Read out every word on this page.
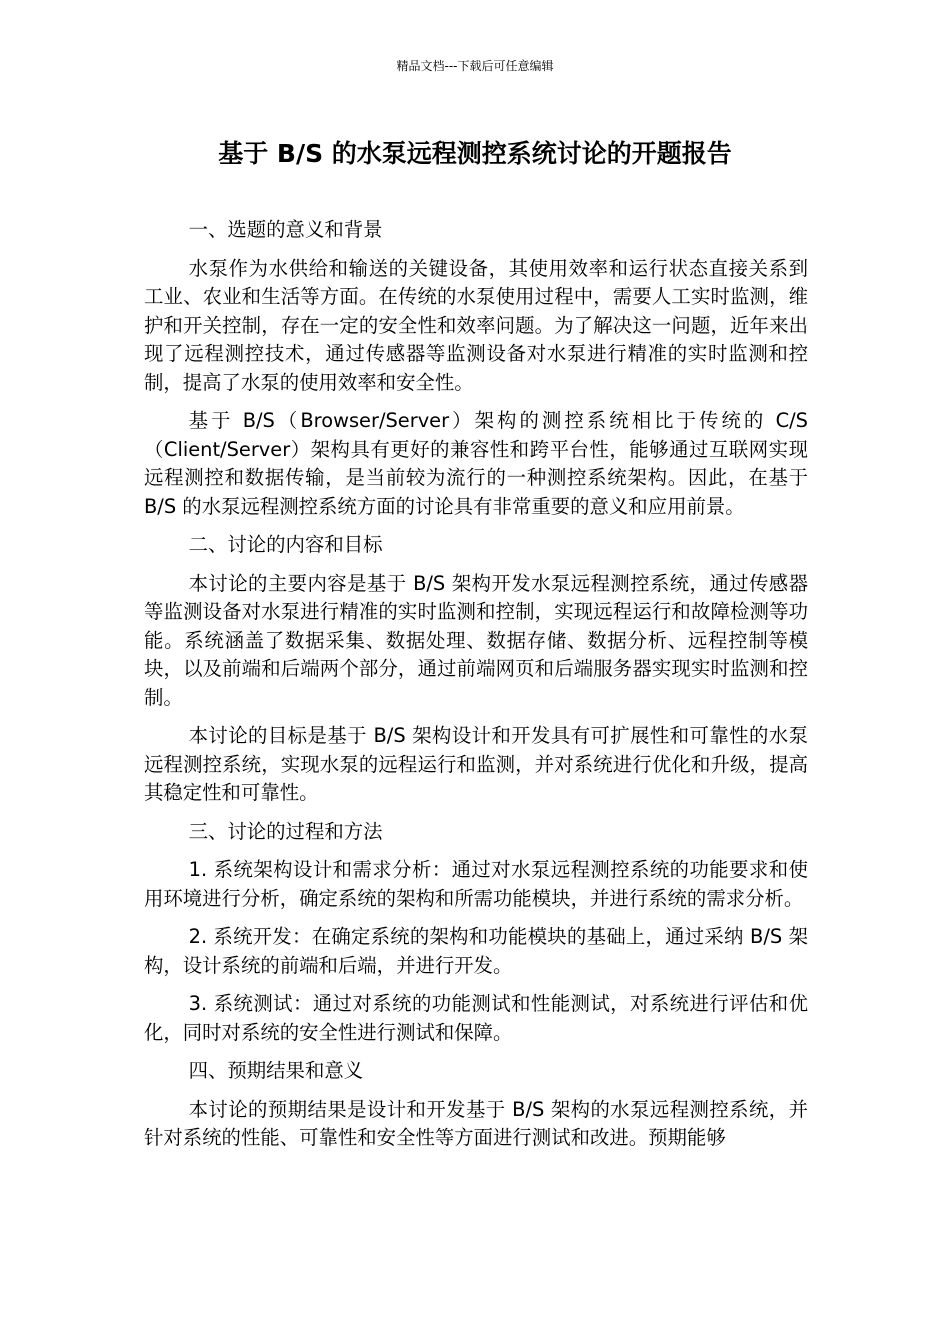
精品文档---下载后可任意编辑
基于 B/S 的水泵远程测控系统讨论的开题报告

一、选题的意义和背景

水泵作为水供给和输送的关键设备，其使用效率和运行状态直接关系到工业、农业和生活等方面。在传统的水泵使用过程中，需要人工实时监测，维护和开关控制，存在一定的安全性和效率问题。为了解决这一问题，近年来出现了远程测控技术，通过传感器等监测设备对水泵进行精准的实时监测和控制，提高了水泵的使用效率和安全性。

基于 B/S（Browser/Server）架构的测控系统相比于传统的 C/S（Client/Server）架构具有更好的兼容性和跨平台性，能够通过互联网实现远程测控和数据传输，是当前较为流行的一种测控系统架构。因此，在基于 B/S 的水泵远程测控系统方面的讨论具有非常重要的意义和应用前景。

二、讨论的内容和目标

本讨论的主要内容是基于 B/S 架构开发水泵远程测控系统，通过传感器等监测设备对水泵进行精准的实时监测和控制，实现远程运行和故障检测等功能。系统涵盖了数据采集、数据处理、数据存储、数据分析、远程控制等模块，以及前端和后端两个部分，通过前端网页和后端服务器实现实时监测和控制。

本讨论的目标是基于 B/S 架构设计和开发具有可扩展性和可靠性的水泵远程测控系统，实现水泵的远程运行和监测，并对系统进行优化和升级，提高其稳定性和可靠性。

三、讨论的过程和方法

1. 系统架构设计和需求分析：通过对水泵远程测控系统的功能要求和使用环境进行分析，确定系统的架构和所需功能模块，并进行系统的需求分析。

2. 系统开发：在确定系统的架构和功能模块的基础上，通过采纳 B/S 架构，设计系统的前端和后端，并进行开发。

3. 系统测试：通过对系统的功能测试和性能测试，对系统进行评估和优化，同时对系统的安全性进行测试和保障。

四、预期结果和意义

本讨论的预期结果是设计和开发基于 B/S 架构的水泵远程测控系统，并针对系统的性能、可靠性和安全性等方面进行测试和改进。预期能够
